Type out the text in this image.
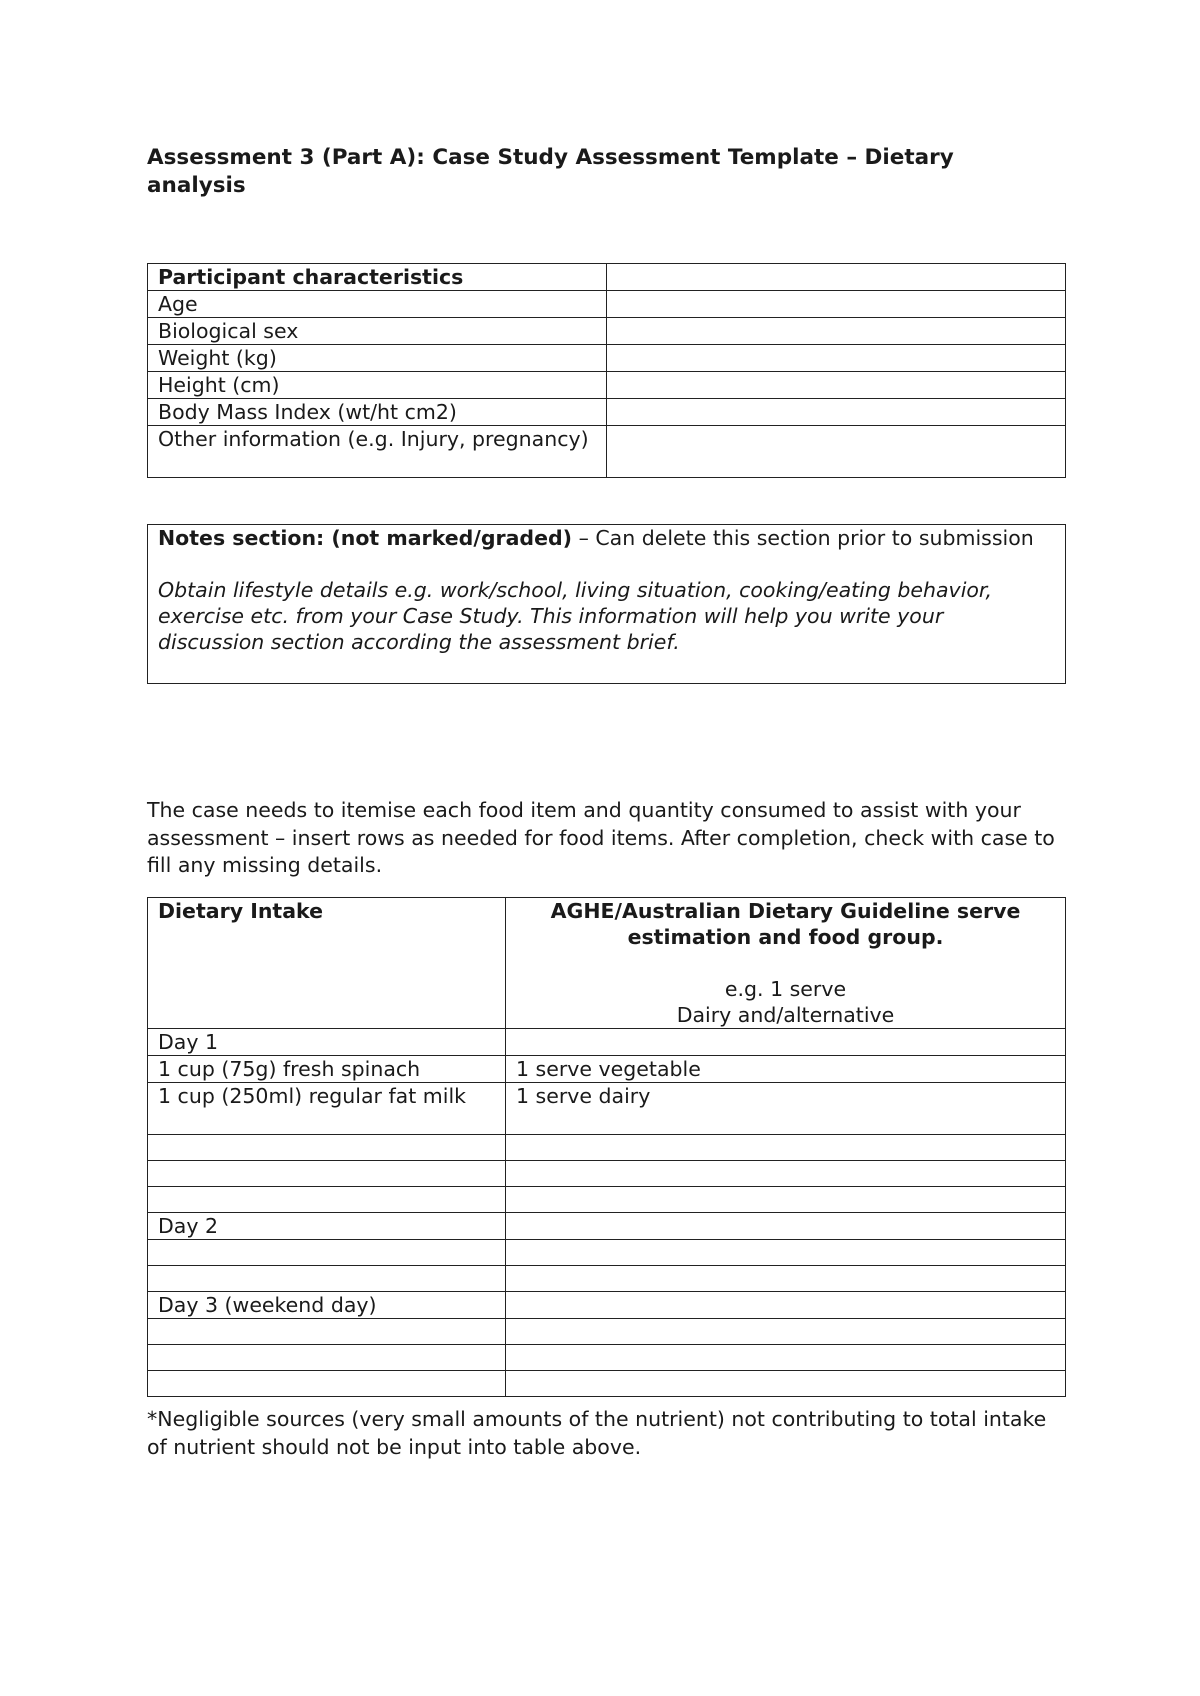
Assessment 3 (Part A): Case Study Assessment Template – Dietary analysis
Participant characteristics	
Age	
Biological sex	
Weight (kg)	
Height (cm)	
Body Mass Index (wt/ht cm2)	
Other information (e.g. Injury, pregnancy)	

Notes section: (not marked/graded) – Can delete this section prior to submission

Obtain lifestyle details e.g. work/school, living situation, cooking/eating behavior, exercise etc. from your Case Study. This information will help you write your discussion section according the assessment brief.

The case needs to itemise each food item and quantity consumed to assist with your assessment – insert rows as needed for food items. After completion, check with case to fill any missing details.

Dietary Intake	AGHE/Australian Dietary Guideline serve estimation and food group.
e.g. 1 serve
Dairy and/alternative

Day 1	
1 cup (75g) fresh spinach	1 serve vegetable
1 cup (250ml) regular fat milk	1 serve dairy

Day 2	

Day 3 (weekend day)	

*Negligible sources (very small amounts of the nutrient) not contributing to total intake of nutrient should not be input into table above.
